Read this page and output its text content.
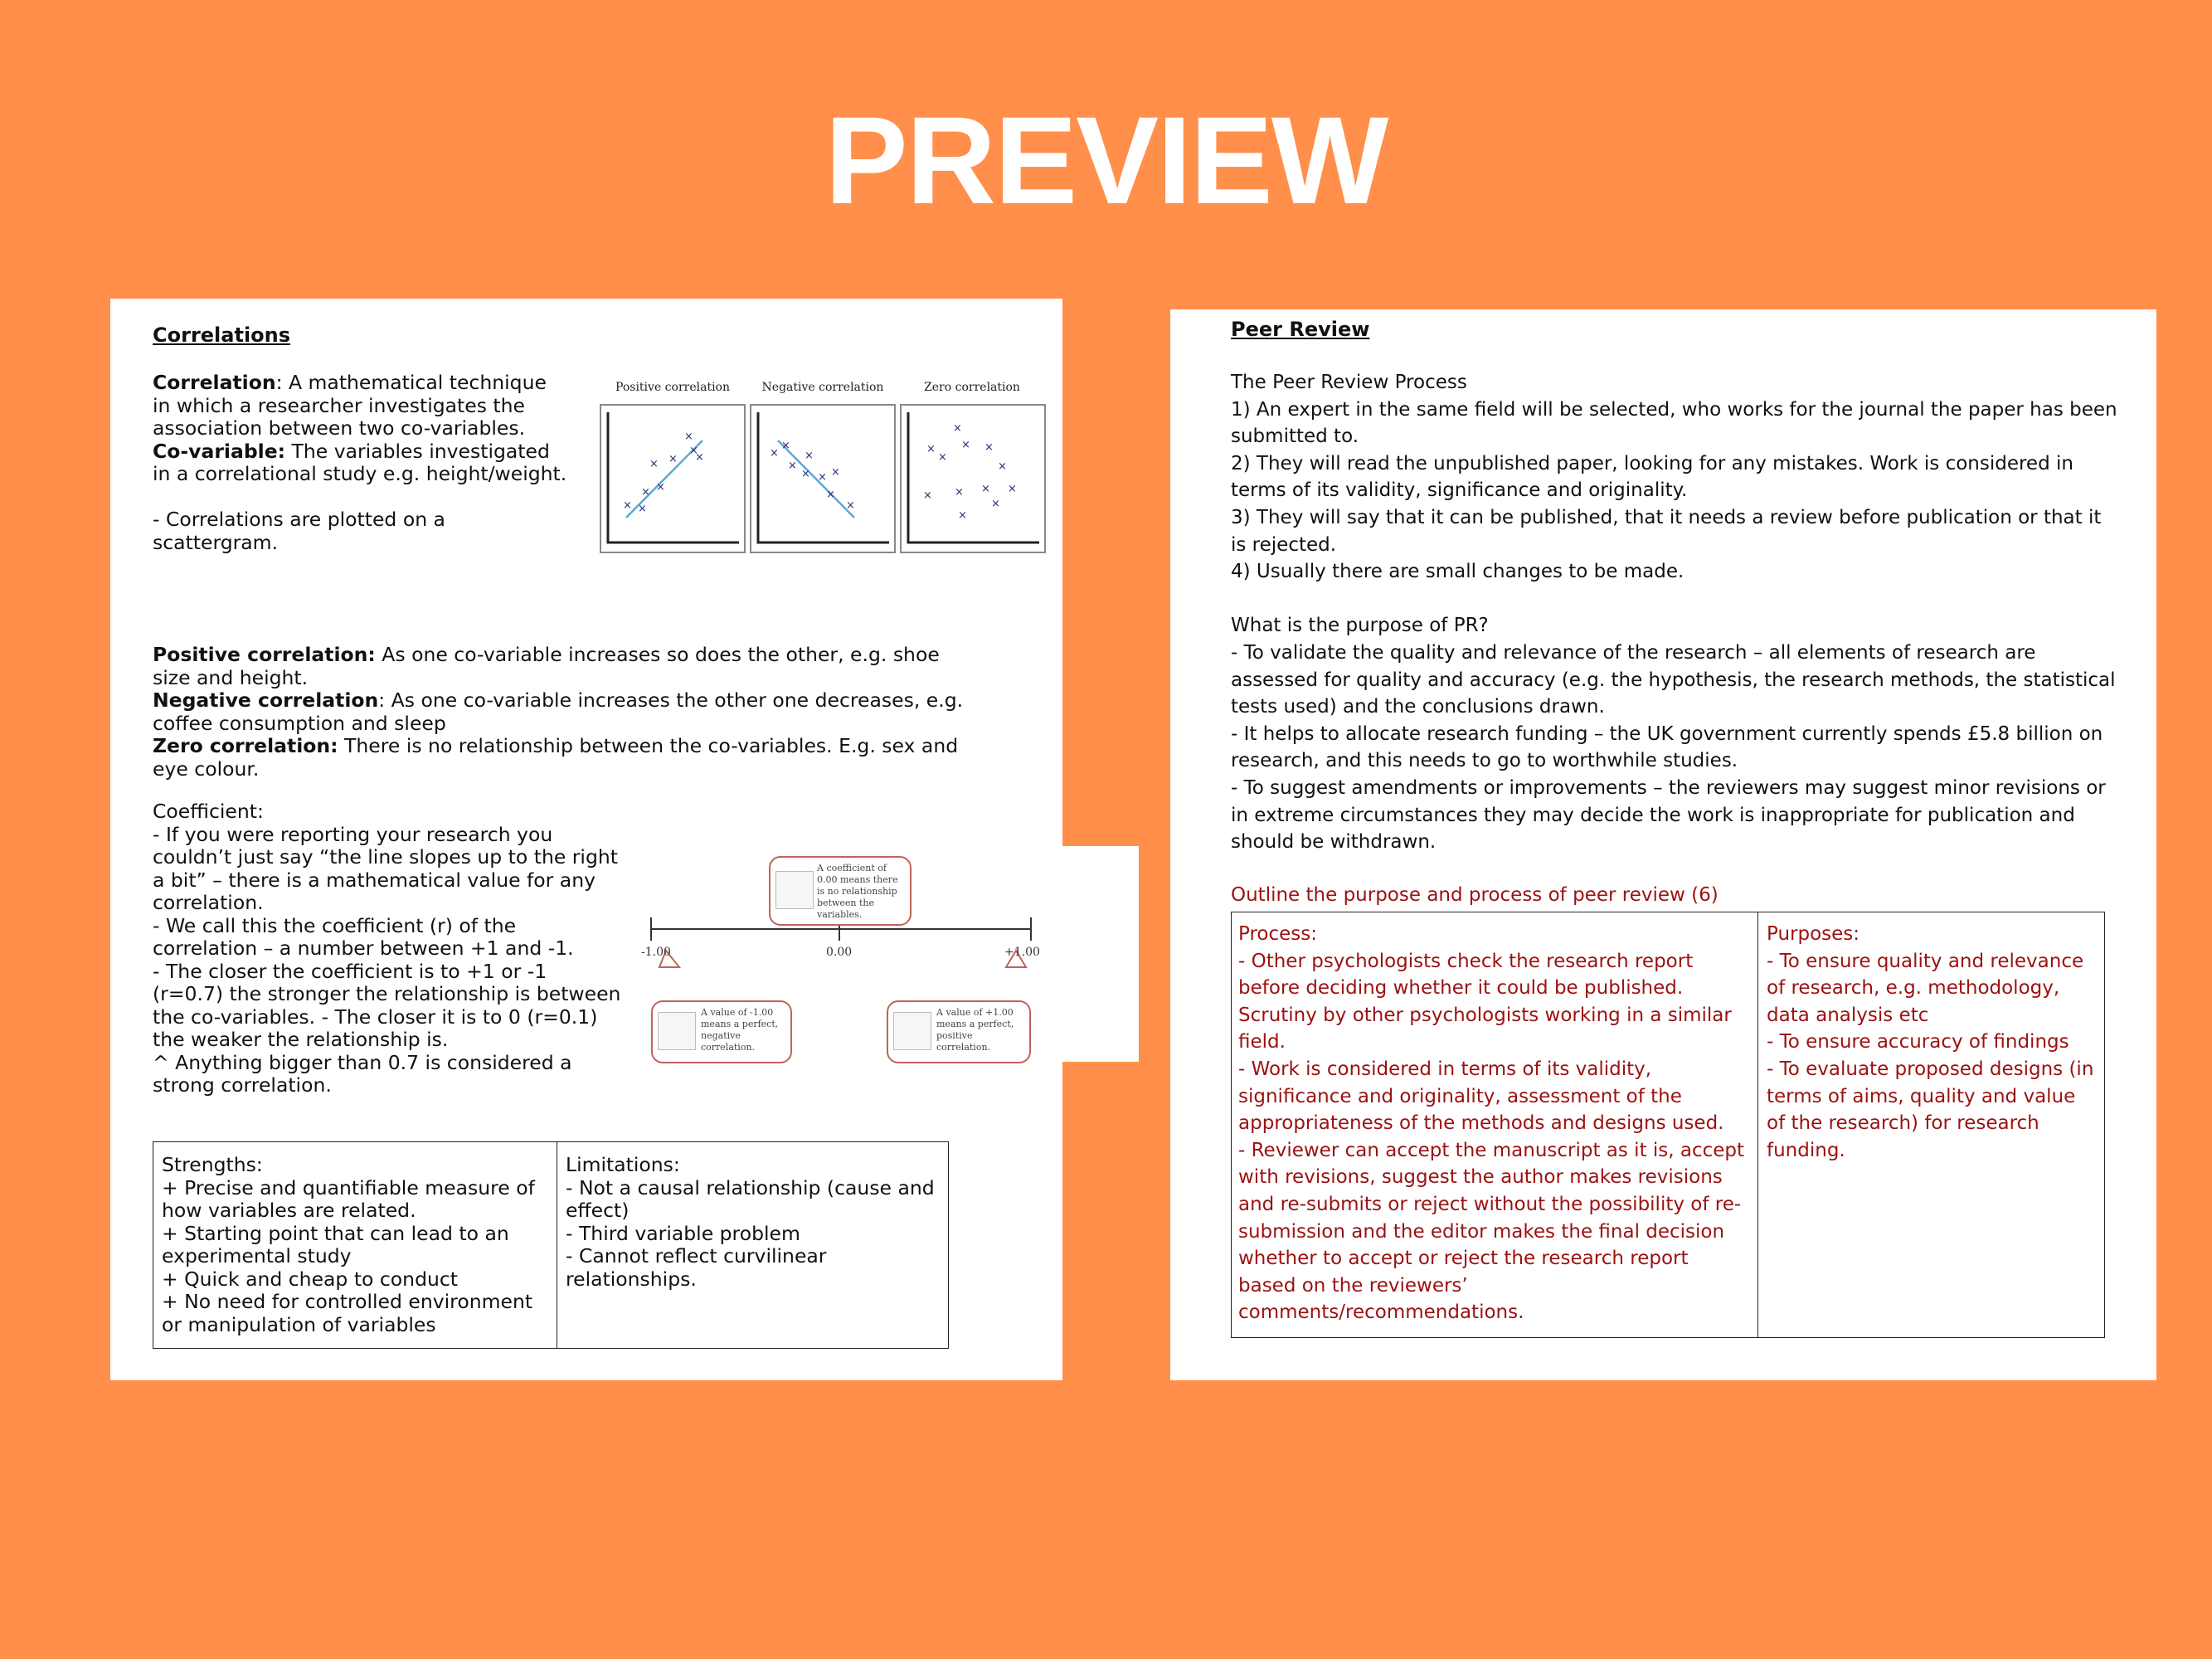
PREVIEW
Correlations

Correlation: A mathematical technique in which a researcher investigates the association between two co-variables.

Co-variable: The variables investigated in a correlational study e.g. height/weight.

- Correlations are plotted on a scattergram.

Positive correlation	Negative correlation	Zero correlation
× ×
× ×
× ×
×
×
×	×
×
×
×
× × ×
×
×
×
× ×
×
×
×
× × ×
×
×
×

Positive correlation: As one co-variable increases so does the other, e.g. shoe size and height.

Negative correlation: As one co-variable increases the other one decreases, e.g. coffee consumption and sleep

Zero correlation: There is no relationship between the co-variables. E.g. sex and eye colour.

Coefficient:

- If you were reporting your research you couldn’t just say “the line slopes up to the right a bit” – there is a mathematical value for any correlation.

- We call this the coefficient (r) of the correlation – a number between +1 and -1.

- The closer the coefficient is to +1 or -1 (r=0.7) the stronger the relationship is between the co-variables. - The closer it is to 0 (r=0.1) the weaker the relationship is.

^ Anything bigger than 0.7 is considered a strong correlation.

-1.00	0.00	+1.00
A coefficient of 0.00 means there is no relationship between the variables.
A value of -1.00 means a perfect, negative correlation.
A value of +1.00 means a perfect, positive correlation.

Strengths:

+ Precise and quantifiable measure of how variables are related.

+ Starting point that can lead to an experimental study

+ Quick and cheap to conduct

+ No need for controlled environment or manipulation of variables

Limitations:

- Not a causal relationship (cause and effect)

- Third variable problem

- Cannot reflect curvilinear relationships.

Peer Review

The Peer Review Process

1) An expert in the same field will be selected, who works for the journal the paper has been submitted to.

2) They will read the unpublished paper, looking for any mistakes. Work is considered in terms of its validity, significance and originality.

3) They will say that it can be published, that it needs a review before publication or that it is rejected.

4) Usually there are small changes to be made.

What is the purpose of PR?

- To validate the quality and relevance of the research – all elements of research are assessed for quality and accuracy (e.g. the hypothesis, the research methods, the statistical tests used) and the conclusions drawn.

- It helps to allocate research funding – the UK government currently spends £5.8 billion on research, and this needs to go to worthwhile studies.

- To suggest amendments or improvements – the reviewers may suggest minor revisions or in extreme circumstances they may decide the work is inappropriate for publication and should be withdrawn.

Outline the purpose and process of peer review (6)

Process:

- Other psychologists check the research report before deciding whether it could be published. Scrutiny by other psychologists working in a similar field.

- Work is considered in terms of its validity, significance and originality, assessment of the appropriateness of the methods and designs used.

- Reviewer can accept the manuscript as it is, accept with revisions, suggest the author makes revisions and re-submits or reject without the possibility of re-submission and the editor makes the final decision whether to accept or reject the research report based on the reviewers’ comments/recommendations.

Purposes:

- To ensure quality and relevance of research, e.g. methodology, data analysis etc

- To ensure accuracy of findings

- To evaluate proposed designs (in terms of aims, quality and value of the research) for research funding.
